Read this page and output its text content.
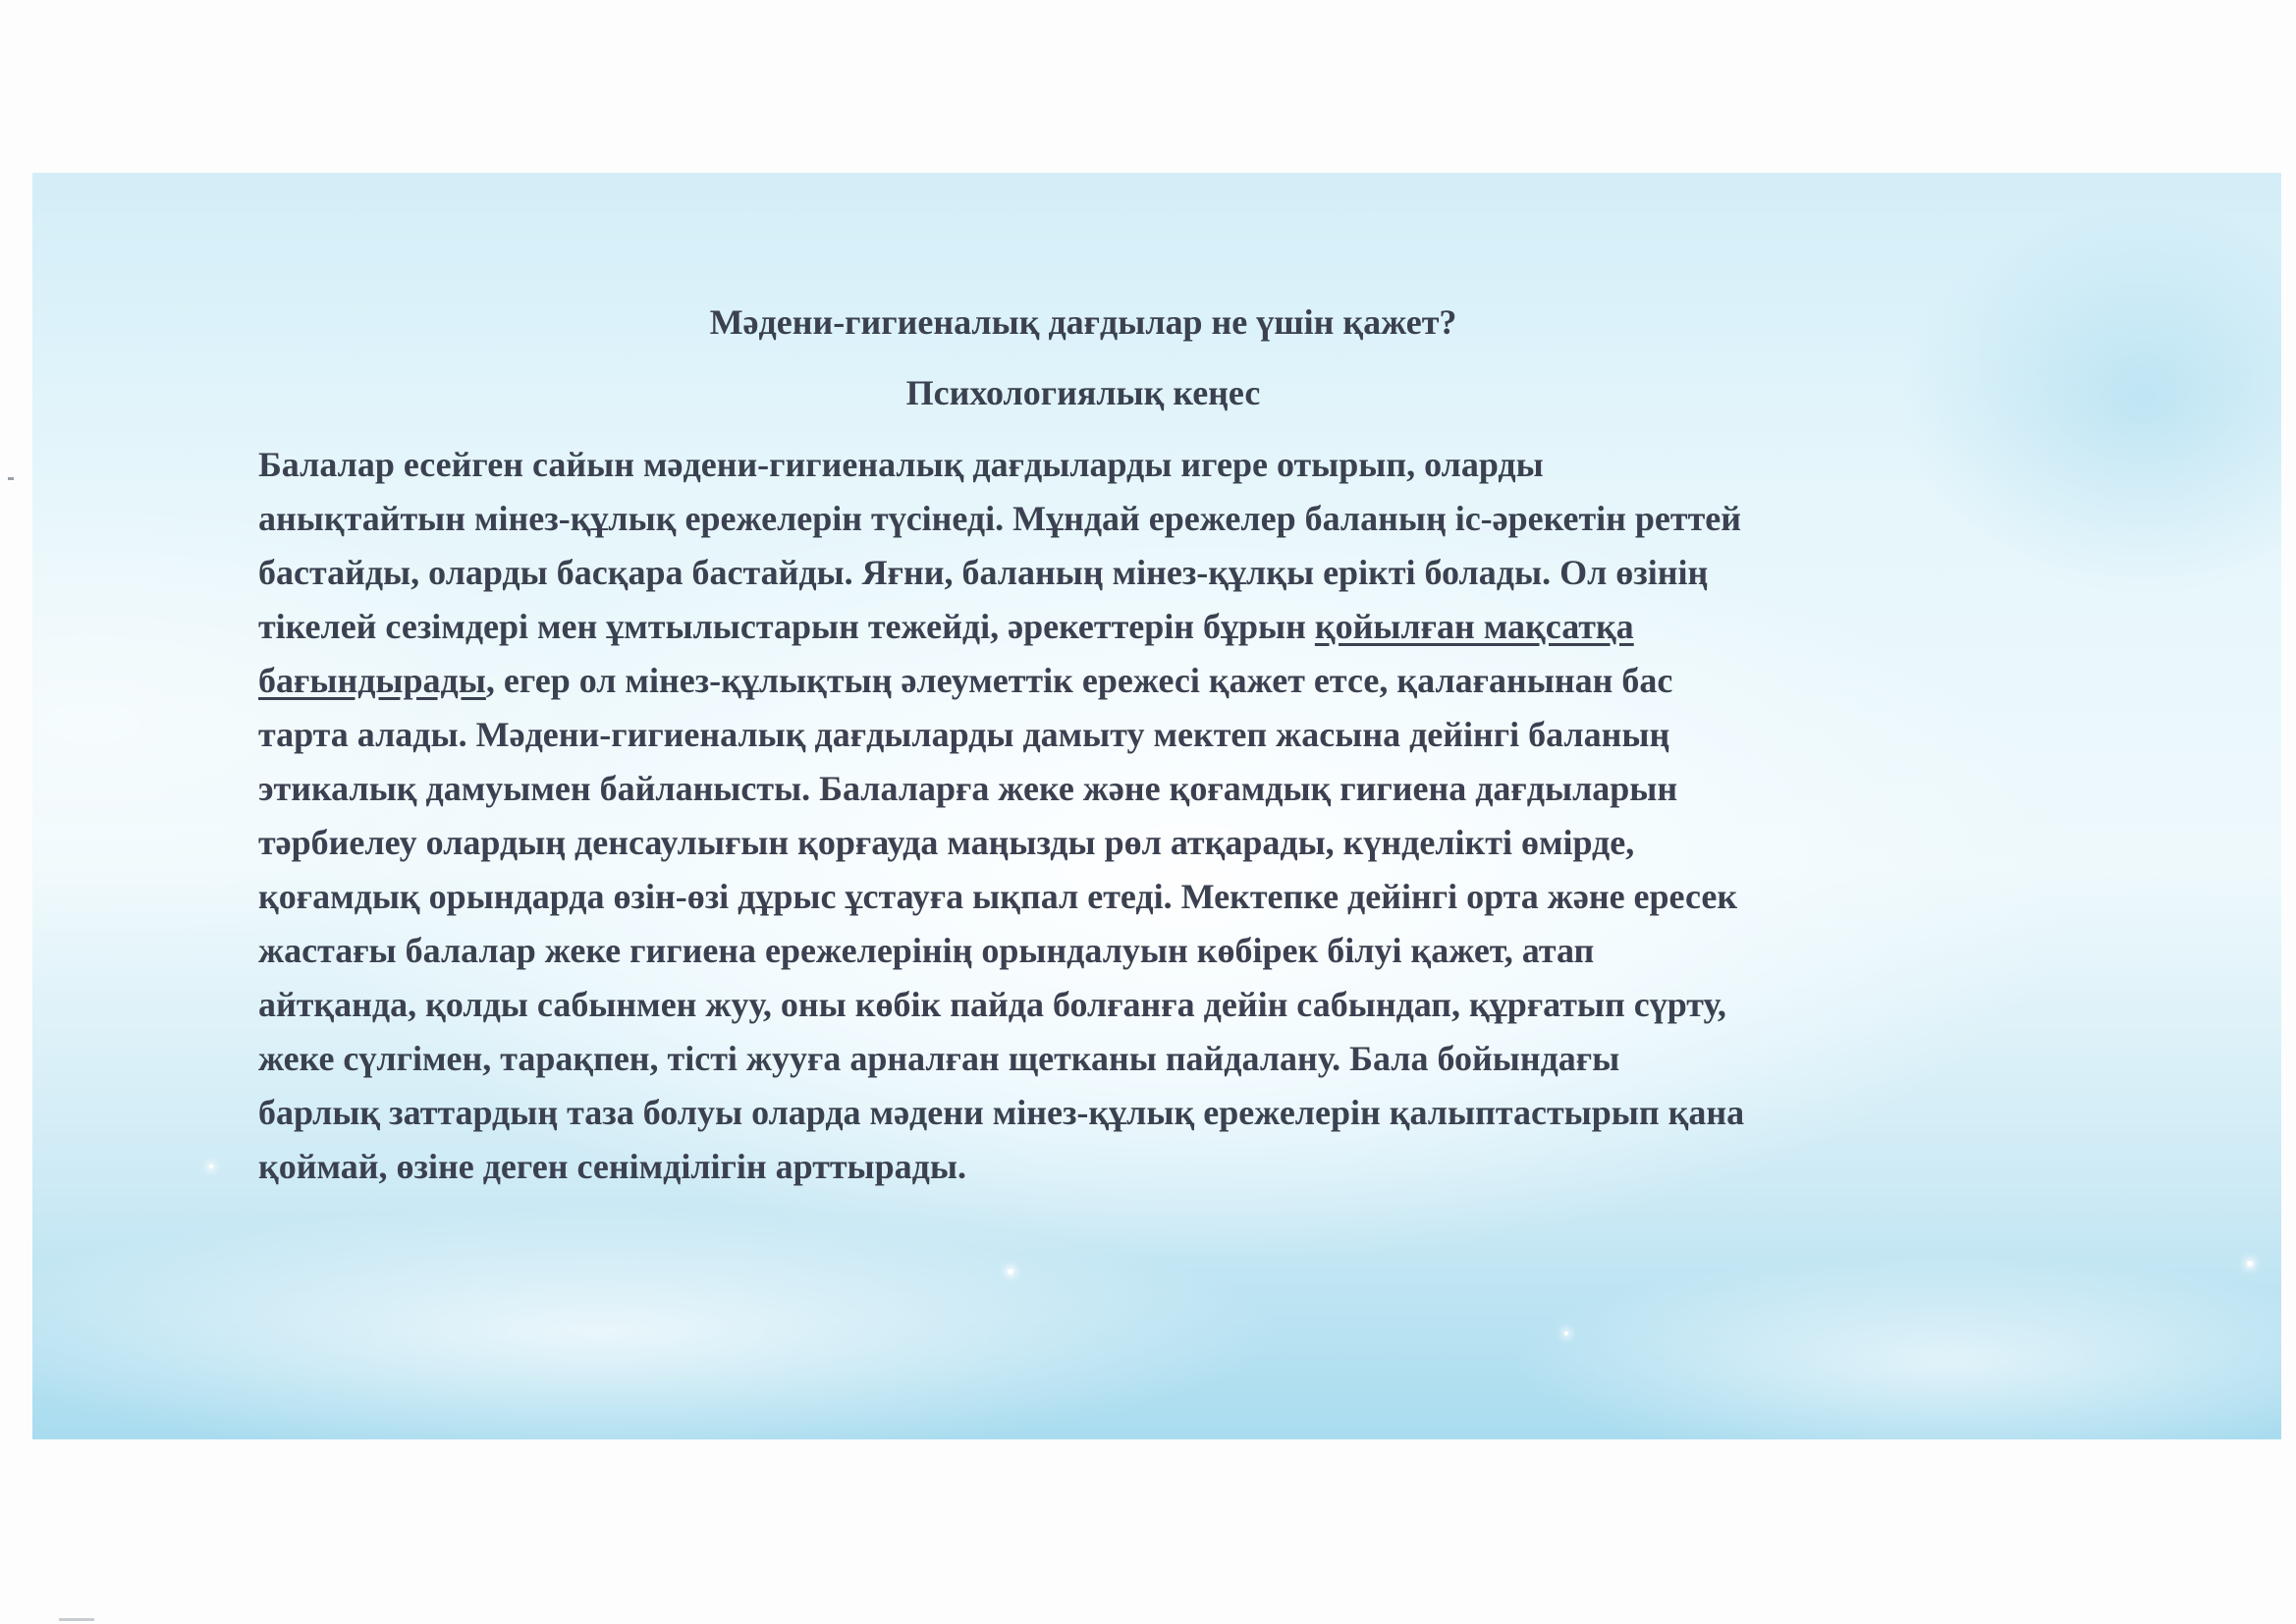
Мәдени-гигиеналық дағдылар не үшін қажет?
Психологиялық кеңес
Балалар есейген сайын мәдени-гигиеналық дағдыларды игере отырып, оларды
анықтайтын мінез-құлық ережелерін түсінеді. Мұндай ережелер баланың іс-әрекетін реттей
бастайды, оларды басқара бастайды. Яғни, баланың мінез-құлқы ерікті болады. Ол өзінің
тікелей сезімдері мен ұмтылыстарын тежейді, әрекеттерін бұрын қойылған мақсатқа
бағындырады, егер ол мінез-құлықтың әлеуметтік ережесі қажет етсе, қалағанынан бас
тарта алады. Мәдени-гигиеналық дағдыларды дамыту мектеп жасына дейінгі баланың
этикалық дамуымен байланысты. Балаларға жеке және қоғамдық гигиена дағдыларын
тәрбиелеу олардың денсаулығын қорғауда маңызды рөл атқарады, күнделікті өмірде,
қоғамдық орындарда өзін-өзі дұрыс ұстауға ықпал етеді. Мектепке дейінгі орта және ересек
жастағы балалар жеке гигиена ережелерінің орындалуын көбірек білуі қажет, атап
айтқанда, қолды сабынмен жуу, оны көбік пайда болғанға дейін сабындап, құрғатып сүрту,
жеке сүлгімен, тарақпен, тісті жууға арналған щетканы пайдалану. Бала бойындағы
барлық заттардың таза болуы оларда мәдени мінез-құлық ережелерін қалыптастырып қана
қоймай, өзіне деген сенімділігін арттырады.
